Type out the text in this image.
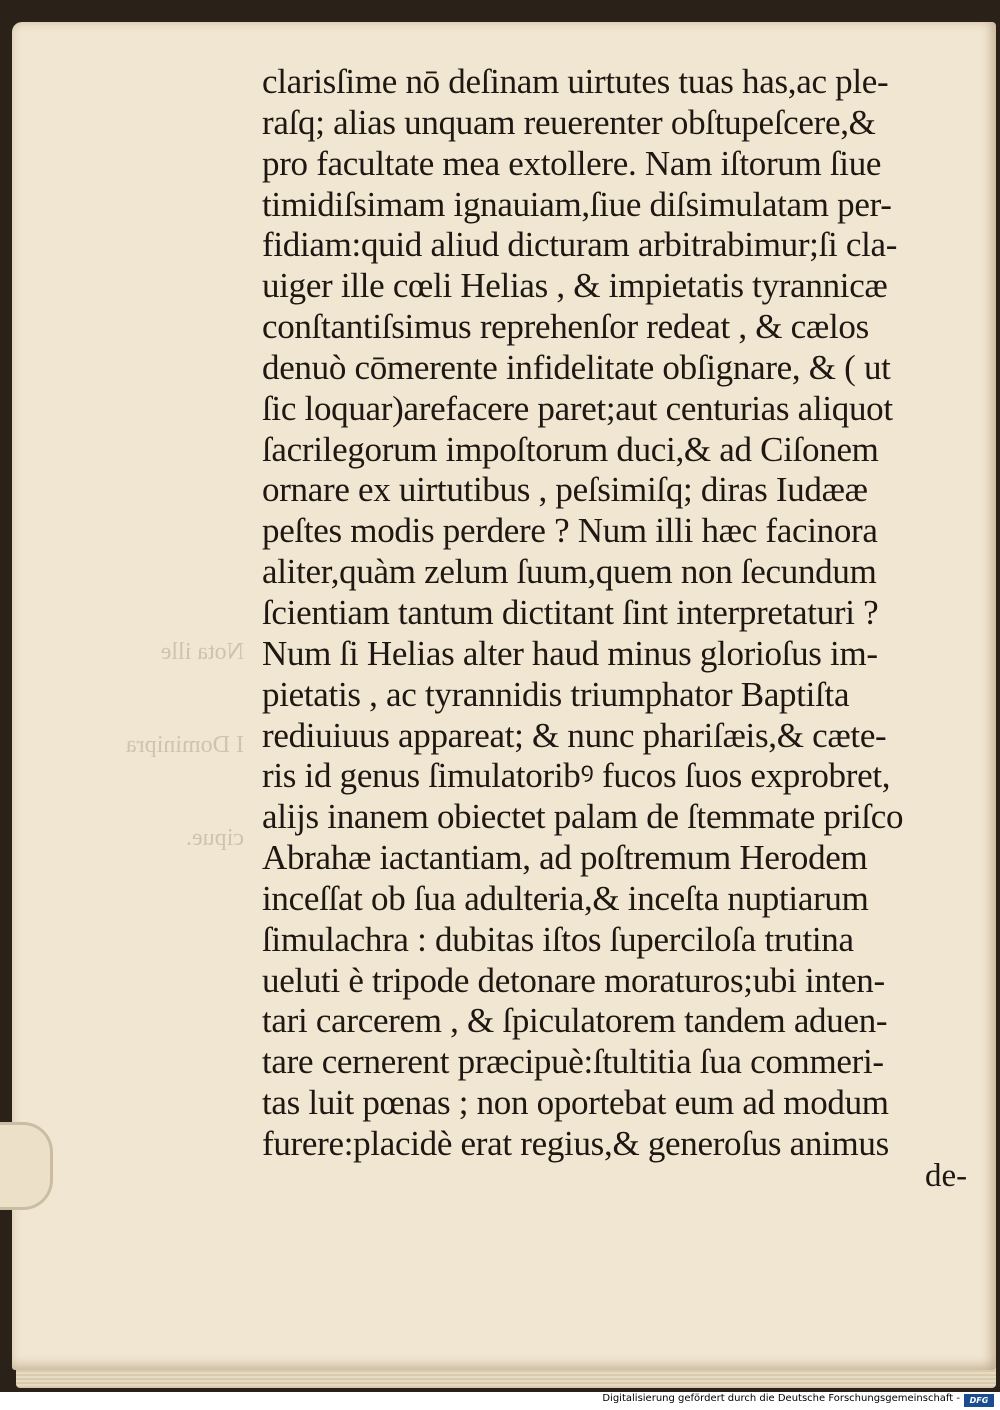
Nota ille

I Dominipra

cipue.

clarisſime nō deſinam uirtutes tuas has,ac ple-
raſq; alias unquam reuerenter obſtupeſcere,&
pro facultate mea extollere. Nam iſtorum ſiue
timidiſsimam ignauiam,ſiue diſsimulatam per-
fidiam:quid aliud dicturam arbitrabimur;ſi cla-
uiger ille cœli Helias , & impietatis tyrannicæ
conſtantiſsimus reprehenſor redeat , & cælos
denuò cōmerente infidelitate obſignare, & ( ut
ſic loquar)arefacere paret;aut centurias aliquot
ſacrilegorum impoſtorum duci,& ad Ciſonem
ornare ex uirtutibus , peſsimiſq; diras Iudææ
peſtes modis perdere ? Num illi hæc facinora
aliter,quàm zelum ſuum,quem non ſecundum
ſcientiam tantum dictitant ſint interpretaturi ?
Num ſi Helias alter haud minus glorioſus im-
pietatis , ac tyrannidis triumphator Baptiſta
rediuiuus appareat; & nunc phariſæis,& cæte-
ris id genus ſimulatoribꝰ fucos ſuos exprobret,
alijs inanem obiectet palam de ſtemmate priſco
Abrahæ iactantiam, ad poſtremum Herodem
inceſſat ob ſua adulteria,& inceſta nuptiarum
ſimulachra : dubitas iſtos ſuperciloſa trutina
ueluti è tripode detonare moraturos;ubi inten-
tari carcerem , & ſpiculatorem tandem aduen-
tare cernerent præcipuè:ſtultitia ſua commeri-
tas luit pœnas ; non oportebat eum ad modum
furere:placidè erat regius,& generoſus animus
de-
Digitalisierung gefördert durch die Deutsche Forschungsgemeinschaft -	DFG
